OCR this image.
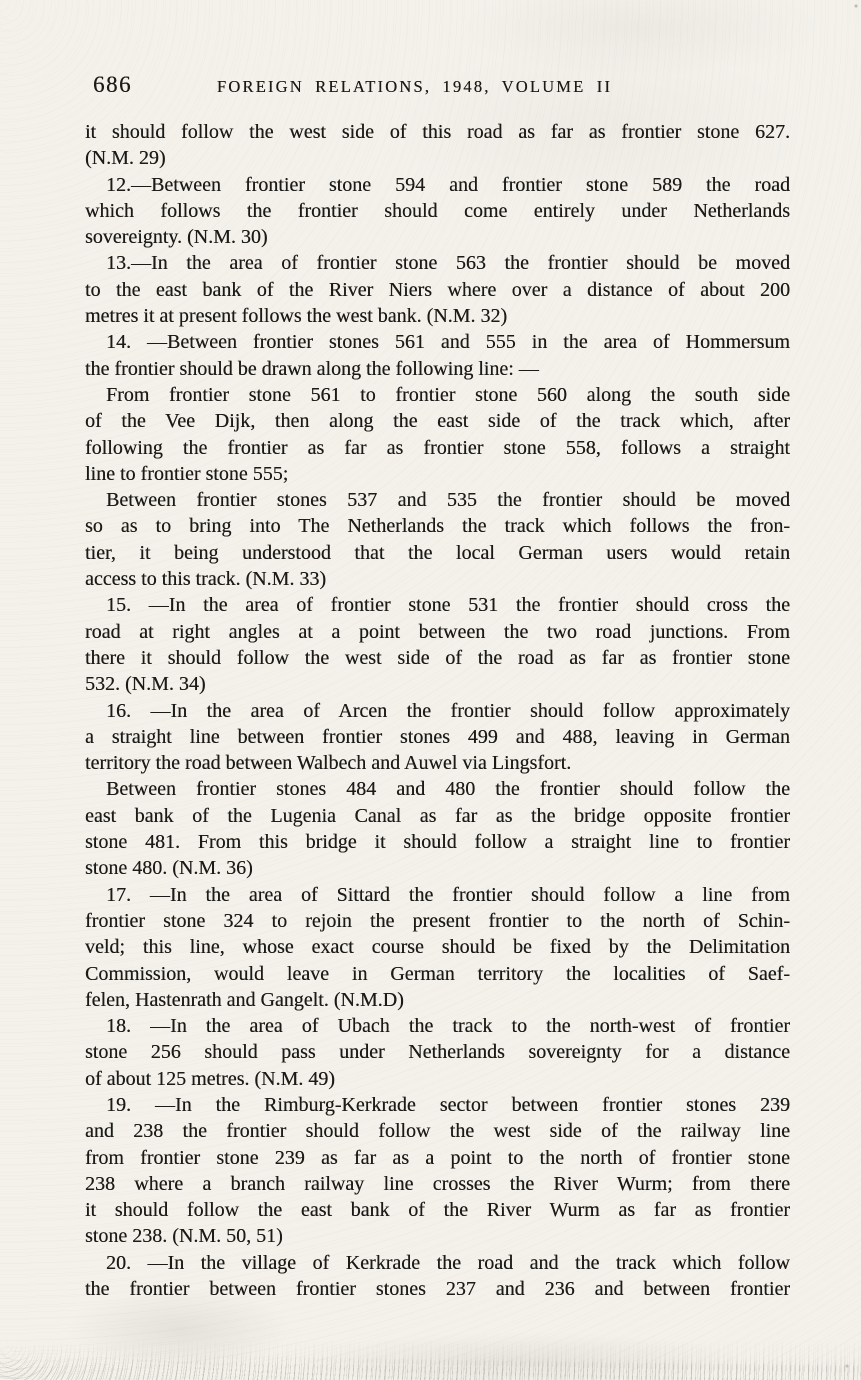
686	FOREIGN RELATIONS, 1948, VOLUME II
it should follow the west side of this road as far as frontier stone 627.
(N.M. 29)
12.—Between frontier stone 594 and frontier stone 589 the road
which follows the frontier should come entirely under Netherlands
sovereignty. (N.M. 30)
13.—In the area of frontier stone 563 the frontier should be moved
to the east bank of the River Niers where over a distance of about 200
metres it at present follows the west bank. (N.M. 32)
14. —Between frontier stones 561 and 555 in the area of Hommersum
the frontier should be drawn along the following line: —
From frontier stone 561 to frontier stone 560 along the south side
of the Vee Dijk, then along the east side of the track which, after
following the frontier as far as frontier stone 558, follows a straight
line to frontier stone 555;
Between frontier stones 537 and 535 the frontier should be moved
so as to bring into The Netherlands the track which follows the fron-
tier, it being understood that the local German users would retain
access to this track. (N.M. 33)
15. —In the area of frontier stone 531 the frontier should cross the
road at right angles at a point between the two road junctions. From
there it should follow the west side of the road as far as frontier stone
532. (N.M. 34)
16. —In the area of Arcen the frontier should follow approximately
a straight line between frontier stones 499 and 488, leaving in German
territory the road between Walbech and Auwel via Lingsfort.
Between frontier stones 484 and 480 the frontier should follow the
east bank of the Lugenia Canal as far as the bridge opposite frontier
stone 481. From this bridge it should follow a straight line to frontier
stone 480. (N.M. 36)
17. —In the area of Sittard the frontier should follow a line from
frontier stone 324 to rejoin the present frontier to the north of Schin-
veld; this line, whose exact course should be fixed by the Delimitation
Commission, would leave in German territory the localities of Saef-
felen, Hastenrath and Gangelt. (N.M.D)
18. —In the area of Ubach the track to the north-west of frontier
stone 256 should pass under Netherlands sovereignty for a distance
of about 125 metres. (N.M. 49)
19. —In the Rimburg-Kerkrade sector between frontier stones 239
and 238 the frontier should follow the west side of the railway line
from frontier stone 239 as far as a point to the north of frontier stone
238 where a branch railway line crosses the River Wurm; from there
it should follow the east bank of the River Wurm as far as frontier
stone 238. (N.M. 50, 51)
20. —In the village of Kerkrade the road and the track which follow
the frontier between frontier stones 237 and 236 and between frontier
